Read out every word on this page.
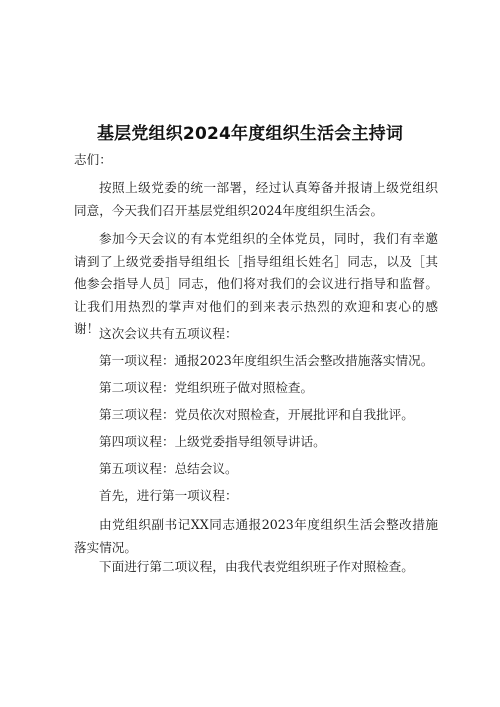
基层党组织2024年度组织生活会主持词

志们：

按照上级党委的统一部署，经过认真筹备并报请上级党组织同意，今天我们召开基层党组织2024年度组织生活会。

参加今天会议的有本党组织的全体党员，同时，我们有幸邀请到了上级党委指导组组长［指导组组长姓名］同志，以及［其他参会指导人员］同志，他们将对我们的会议进行指导和监督。让我们用热烈的掌声对他们的到来表示热烈的欢迎和衷心的感谢！ 这次会议共有五项议程：

第一项议程：通报2023年度组织生活会整改措施落实情况。

第二项议程：党组织班子做对照检查。

第三项议程：党员依次对照检查，开展批评和自我批评。

第四项议程：上级党委指导组领导讲话。

第五项议程：总结会议。

首先，进行第一项议程：

由党组织副书记XX同志通报2023年度组织生活会整改措施落实情况。

下面进行第二项议程，由我代表党组织班子作对照检查。
